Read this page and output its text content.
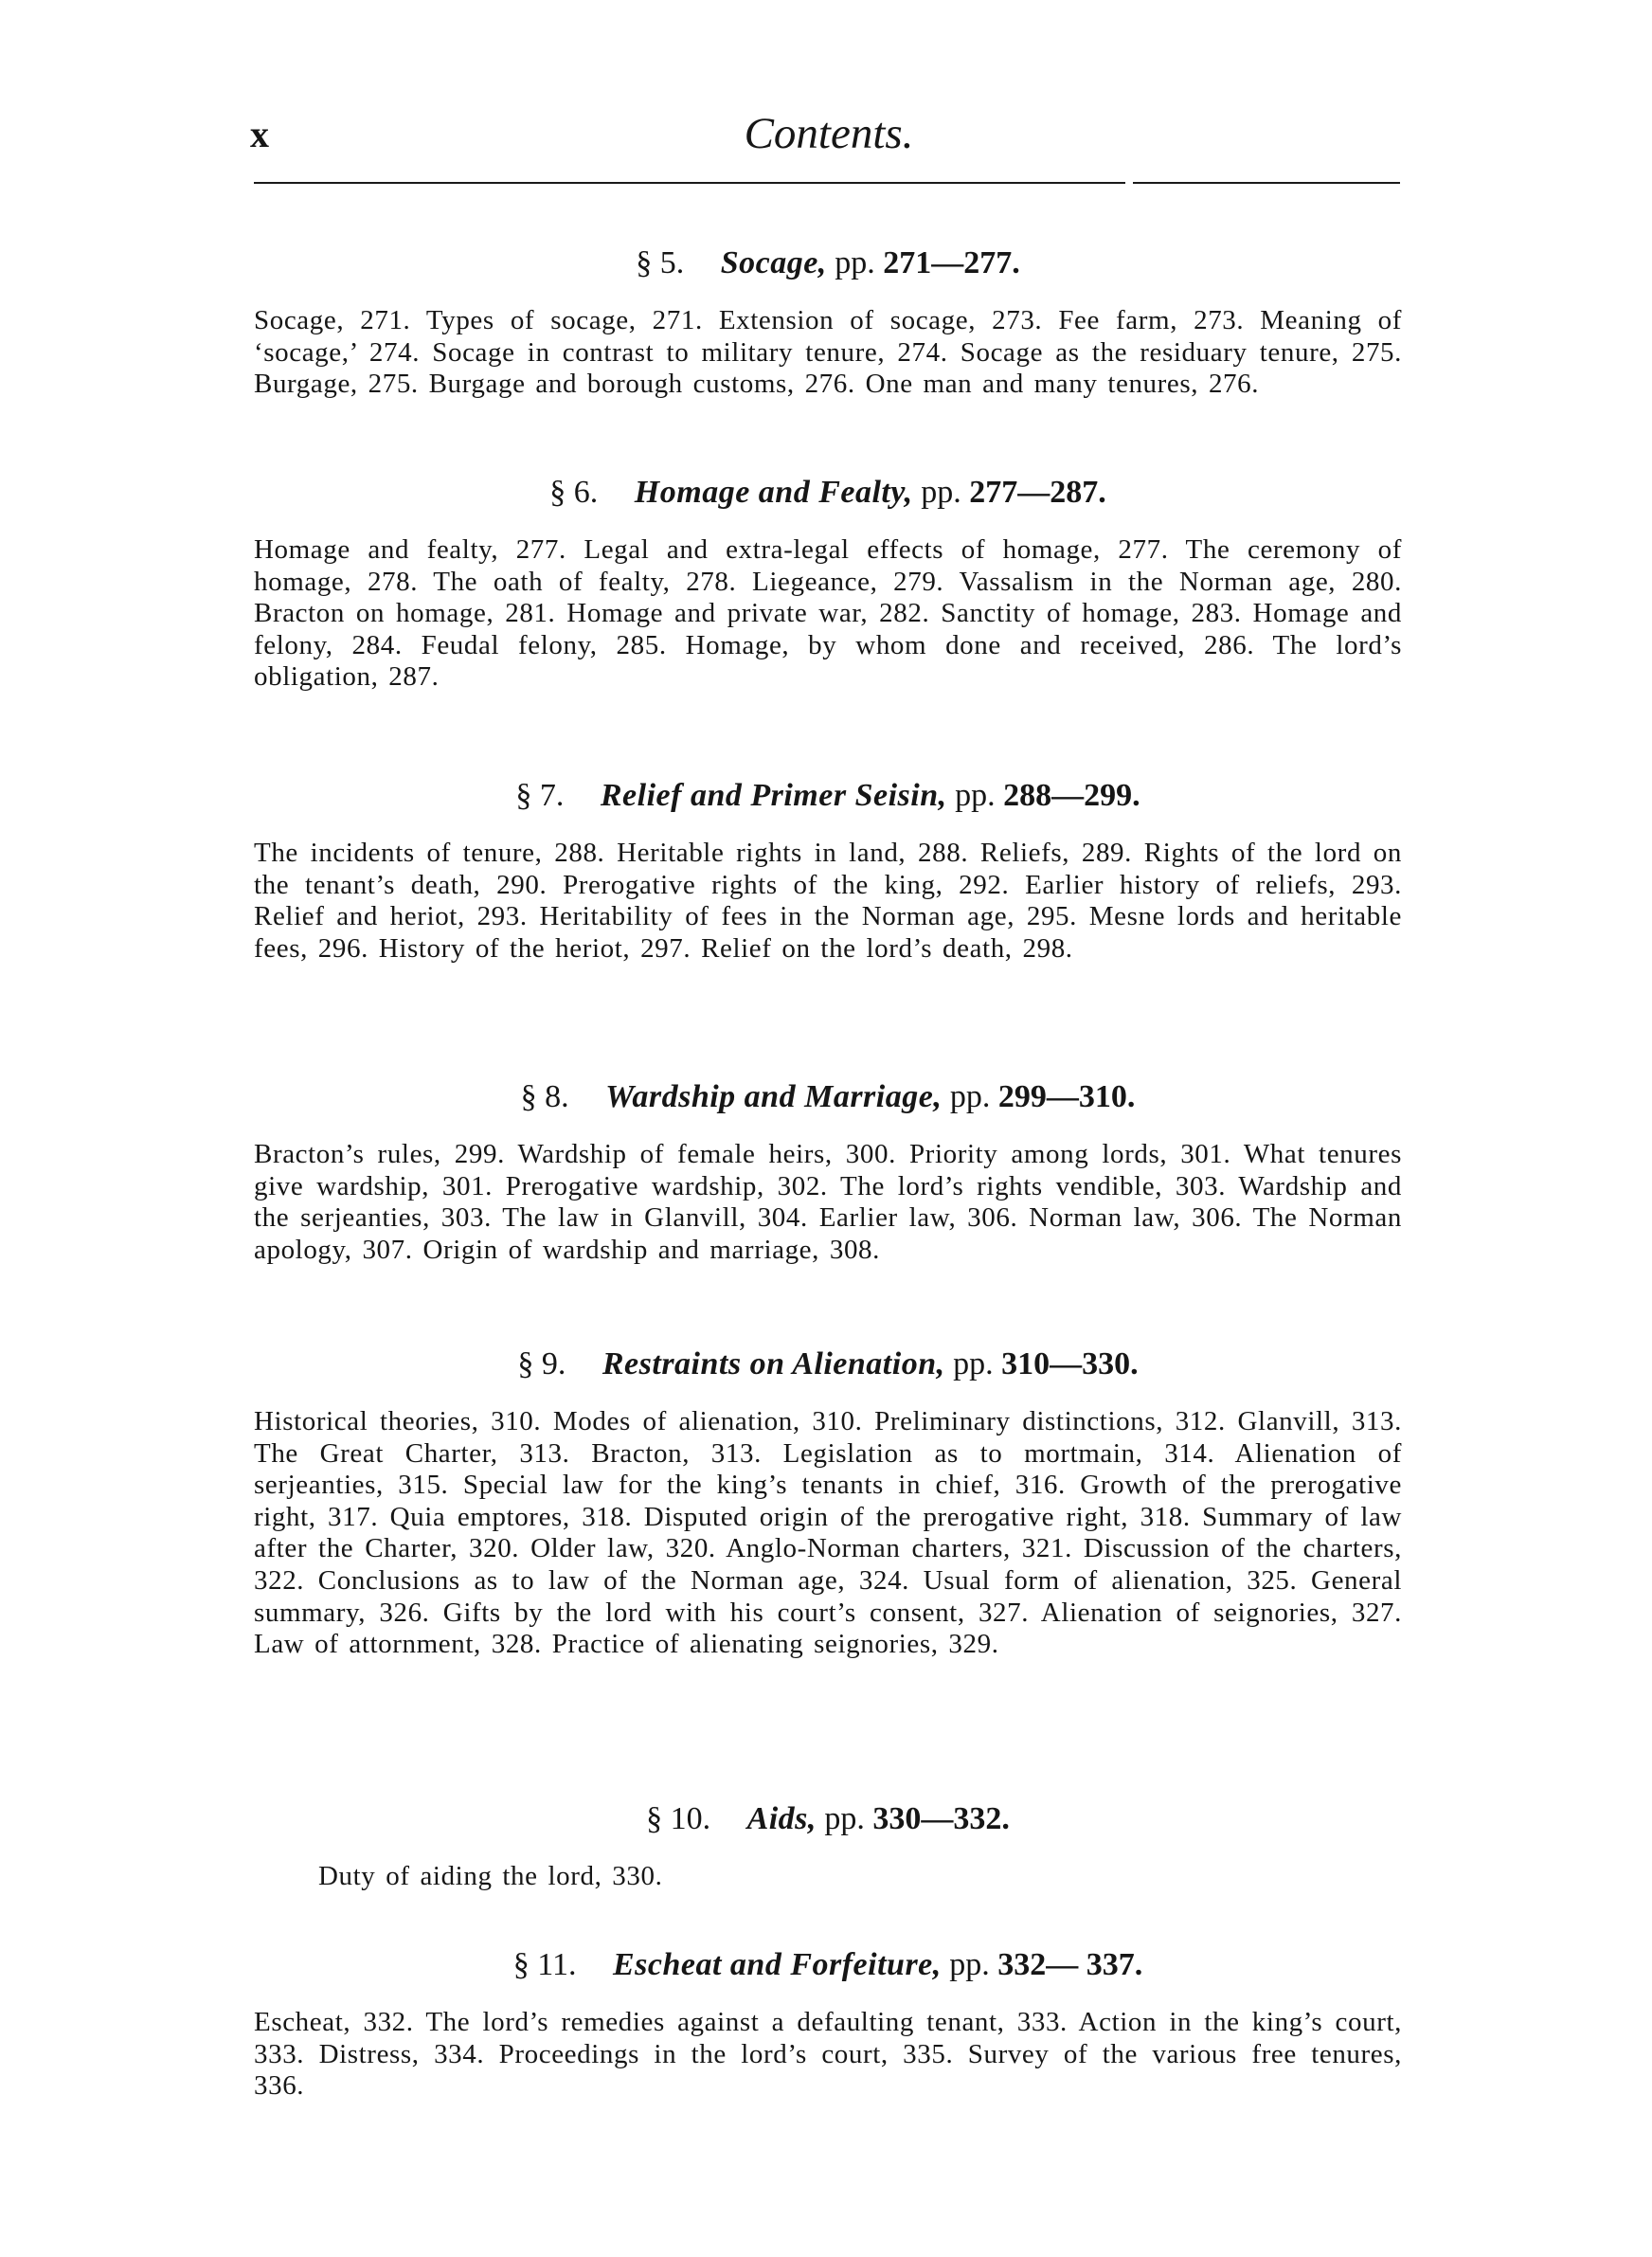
x	Contents.
§ 5. Socage, pp. 271—277.

Socage, 271. Types of socage, 271. Extension of socage, 273. Fee farm, 273. Meaning of ‘socage,’ 274. Socage in contrast to military tenure, 274. Socage as the residuary tenure, 275. Burgage, 275. Burgage and borough customs, 276. One man and many tenures, 276.

§ 6. Homage and Fealty, pp. 277—287.

Homage and fealty, 277. Legal and extra-legal effects of homage, 277. The ceremony of homage, 278. The oath of fealty, 278. Liegeance, 279. Vassalism in the Norman age, 280. Bracton on homage, 281. Homage and private war, 282. Sanctity of homage, 283. Homage and felony, 284. Feudal felony, 285. Homage, by whom done and received, 286. The lord’s obligation, 287.

§ 7. Relief and Primer Seisin, pp. 288—299.

The incidents of tenure, 288. Heritable rights in land, 288. Reliefs, 289. Rights of the lord on the tenant’s death, 290. Prerogative rights of the king, 292. Earlier history of reliefs, 293. Relief and heriot, 293. Heritability of fees in the Norman age, 295. Mesne lords and heritable fees, 296. History of the heriot, 297. Relief on the lord’s death, 298.

§ 8. Wardship and Marriage, pp. 299—310.

Bracton’s rules, 299. Wardship of female heirs, 300. Priority among lords, 301. What tenures give wardship, 301. Prerogative wardship, 302. The lord’s rights vendible, 303. Wardship and the serjeanties, 303. The law in Glanvill, 304. Earlier law, 306. Norman law, 306. The Norman apology, 307. Origin of wardship and marriage, 308.

§ 9. Restraints on Alienation, pp. 310—330.

Historical theories, 310. Modes of alienation, 310. Preliminary distinctions, 312. Glanvill, 313. The Great Charter, 313. Bracton, 313. Legislation as to mortmain, 314. Alienation of serjeanties, 315. Special law for the king’s tenants in chief, 316. Growth of the prerogative right, 317. Quia emptores, 318. Disputed origin of the prerogative right, 318. Summary of law after the Charter, 320. Older law, 320. Anglo-Norman charters, 321. Discussion of the charters, 322. Conclusions as to law of the Norman age, 324. Usual form of alienation, 325. General summary, 326. Gifts by the lord with his court’s consent, 327. Alienation of seignories, 327. Law of attornment, 328. Practice of alienating seignories, 329.

§ 10. Aids, pp. 330—332.

Duty of aiding the lord, 330.

§ 11. Escheat and Forfeiture, pp. 332— 337.

Escheat, 332. The lord’s remedies against a defaulting tenant, 333. Action in the king’s court, 333. Distress, 334. Proceedings in the lord’s court, 335. Survey of the various free tenures, 336.
